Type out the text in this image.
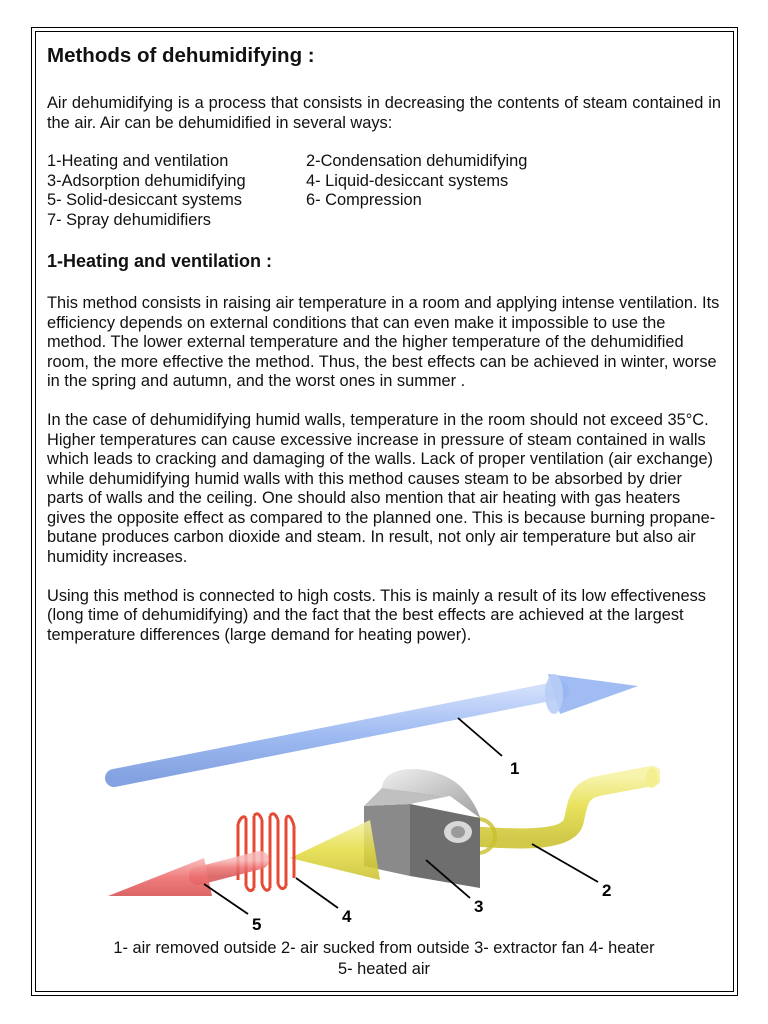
Methods of dehumidifying :

Air dehumidifying is a process that consists in decreasing the contents of steam contained in the air. Air can be dehumidified in several ways:

1-Heating and ventilation	2-Condensation dehumidifying
3-Adsorption dehumidifying	4- Liquid-desiccant systems
5- Solid-desiccant systems	6- Compression
7- Spray dehumidifiers
1-Heating and ventilation :

This method consists in raising air temperature in a room and applying intense ventilation. Its efficiency depends on external conditions that can even make it impossible to use the method. The lower external temperature and the higher temperature of the dehumidified room, the more effective the method. Thus, the best effects can be achieved in winter, worse in the spring and autumn, and the worst ones in summer .

In the case of dehumidifying humid walls, temperature in the room should not exceed 35°C. Higher temperatures can cause excessive increase in pressure of steam contained in walls which leads to cracking and damaging of the walls. Lack of proper ventilation (air exchange) while dehumidifying humid walls with this method causes steam to be absorbed by drier parts of walls and the ceiling. One should also mention that air heating with gas heaters gives the opposite effect as compared to the planned one. This is because burning propane-butane produces carbon dioxide and steam. In result, not only air temperature but also air humidity increases.

Using this method is connected to high costs. This is mainly a result of its low effectiveness (long time of dehumidifying) and the fact that the best effects are achieved at the largest temperature differences (large demand for heating power).

1
2
3
4
5
1- air removed outside 2- air sucked from outside 3- extractor fan 4- heater
5- heated air
